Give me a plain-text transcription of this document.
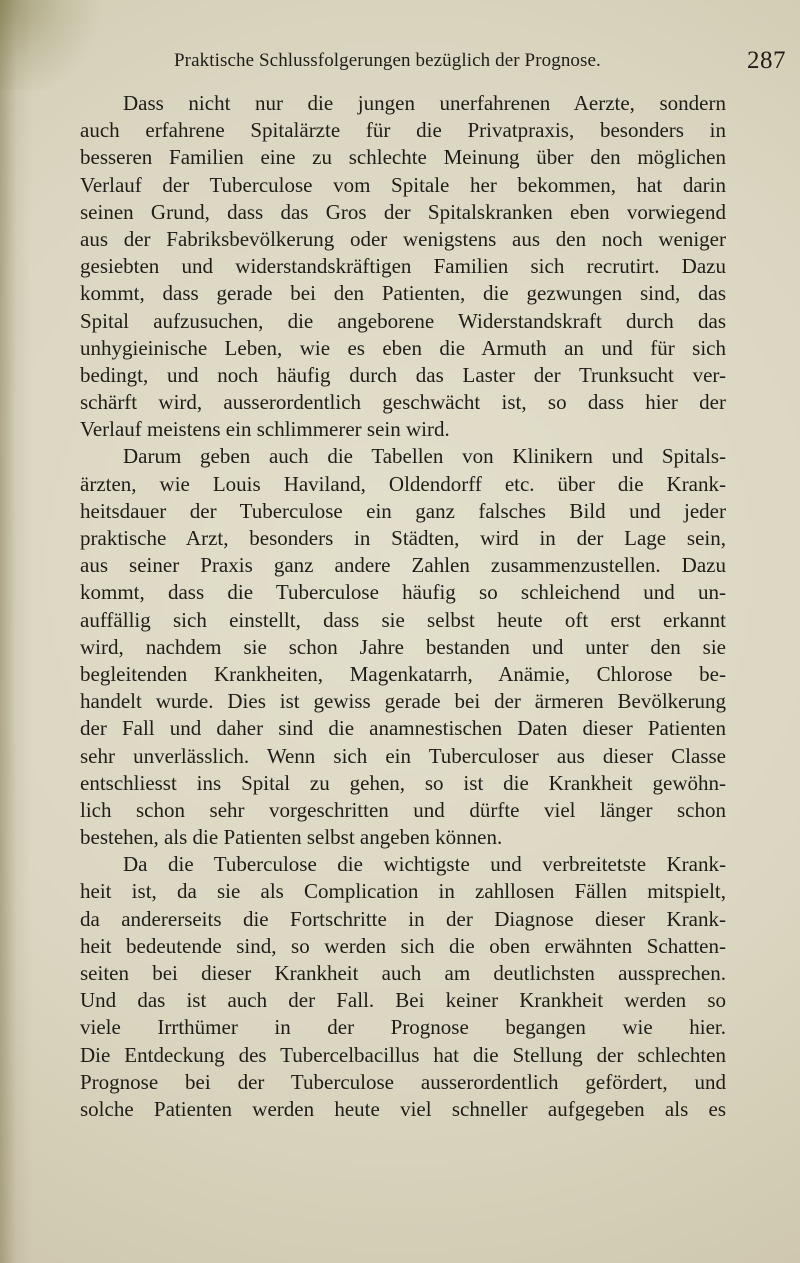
Praktische Schlussfolgerungen bezüglich der Prognose.	287
Dass nicht nur die jungen unerfahrenen Aerzte, sondern
auch erfahrene Spitalärzte für die Privatpraxis, besonders in
besseren Familien eine zu schlechte Meinung über den möglichen
Verlauf der Tuberculose vom Spitale her bekommen, hat darin
seinen Grund, dass das Gros der Spitalskranken eben vorwiegend
aus der Fabriksbevölkerung oder wenigstens aus den noch weniger
gesiebten und widerstandskräftigen Familien sich recrutirt. Dazu
kommt, dass gerade bei den Patienten, die gezwungen sind, das
Spital aufzusuchen, die angeborene Widerstandskraft durch das
unhygieinische Leben, wie es eben die Armuth an und für sich
bedingt, und noch häufig durch das Laster der Trunksucht ver-
schärft wird, ausserordentlich geschwächt ist, so dass hier der
Verlauf meistens ein schlimmerer sein wird.
Darum geben auch die Tabellen von Klinikern und Spitals-
ärzten, wie Louis Haviland, Oldendorff etc. über die Krank-
heitsdauer der Tuberculose ein ganz falsches Bild und jeder
praktische Arzt, besonders in Städten, wird in der Lage sein,
aus seiner Praxis ganz andere Zahlen zusammenzustellen. Dazu
kommt, dass die Tuberculose häufig so schleichend und un-
auffällig sich einstellt, dass sie selbst heute oft erst erkannt
wird, nachdem sie schon Jahre bestanden und unter den sie
begleitenden Krankheiten, Magenkatarrh, Anämie, Chlorose be-
handelt wurde. Dies ist gewiss gerade bei der ärmeren Bevölkerung
der Fall und daher sind die anamnestischen Daten dieser Patienten
sehr unverlässlich. Wenn sich ein Tuberculoser aus dieser Classe
entschliesst ins Spital zu gehen, so ist die Krankheit gewöhn-
lich schon sehr vorgeschritten und dürfte viel länger schon
bestehen, als die Patienten selbst angeben können.
Da die Tuberculose die wichtigste und verbreitetste Krank-
heit ist, da sie als Complication in zahllosen Fällen mitspielt,
da andererseits die Fortschritte in der Diagnose dieser Krank-
heit bedeutende sind, so werden sich die oben erwähnten Schatten-
seiten bei dieser Krankheit auch am deutlichsten aussprechen.
Und das ist auch der Fall. Bei keiner Krankheit werden so
viele Irrthümer in der Prognose begangen wie hier.
Die Entdeckung des Tubercelbacillus hat die Stellung der schlechten
Prognose bei der Tuberculose ausserordentlich gefördert, und
solche Patienten werden heute viel schneller aufgegeben als es
